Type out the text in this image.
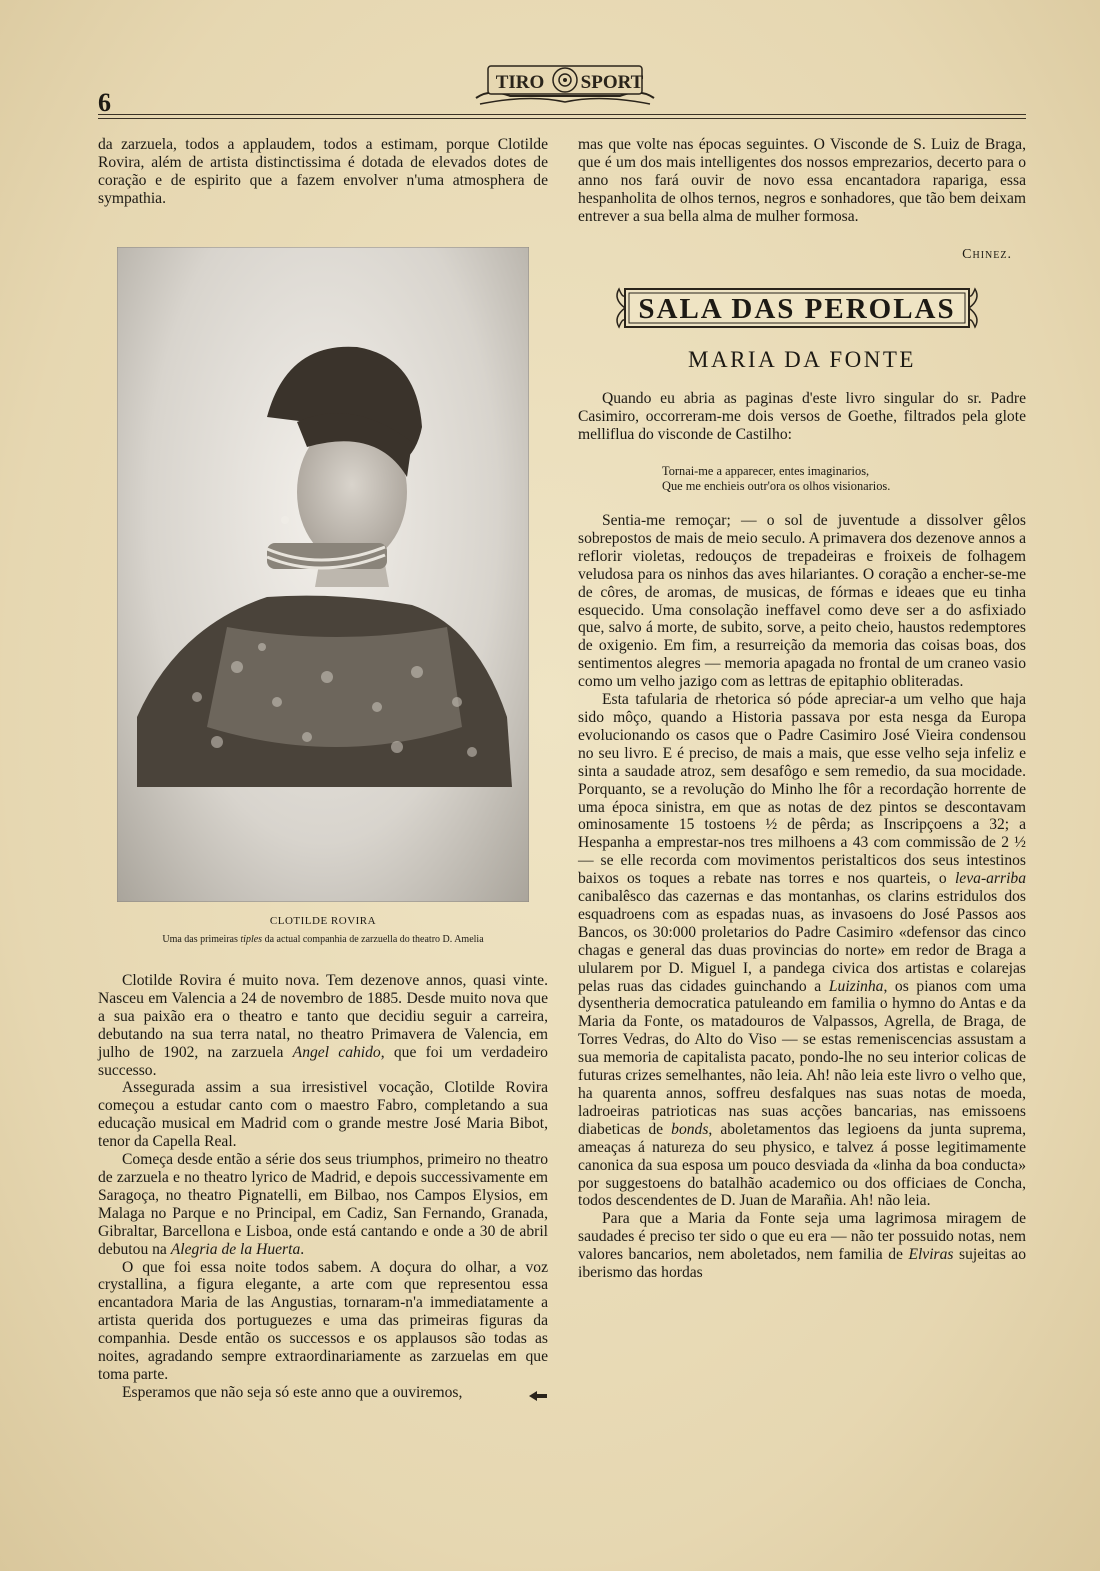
6
TIRO SPORT

da zarzuela, todos a applaudem, todos a estimam, porque Clotilde Rovira, além de artista distinctissima é dotada de elevados dotes de coração e de espirito que a fazem envolver n'uma atmosphera de sympathia.

CLOTILDE ROVIRA
Uma das primeiras tiples da actual companhia de zarzuella do theatro D. Amelia

Clotilde Rovira é muito nova. Tem dezenove annos, quasi vinte. Nasceu em Valencia a 24 de novembro de 1885. Desde muito nova que a sua paixão era o theatro e tanto que decidiu seguir a carreira, debutando na sua terra natal, no theatro Primavera de Valencia, em julho de 1902, na zarzuela Angel cahido, que foi um verdadeiro successo.

Assegurada assim a sua irresistivel vocação, Clotilde Rovira começou a estudar canto com o maestro Fabro, completando a sua educação musical em Madrid com o grande mestre José Maria Bibot, tenor da Capella Real.

Começa desde então a série dos seus triumphos, primeiro no theatro de zarzuela e no theatro lyrico de Madrid, e depois successivamente em Saragoça, no theatro Pignatelli, em Bilbao, nos Campos Elysios, em Malaga no Parque e no Principal, em Cadiz, San Fernando, Granada, Gibraltar, Barcellona e Lisboa, onde está cantando e onde a 30 de abril debutou na Alegria de la Huerta.

O que foi essa noite todos sabem. A doçura do olhar, a voz crystallina, a figura elegante, a arte com que representou essa encantadora Maria de las Angustias, tornaram-n'a immediatamente a artista querida dos portuguezes e uma das primeiras figuras da companhia. Desde então os successos e os applausos são todas as noites, agradando sempre extraordinariamente as zarzuelas em que toma parte.

Esperamos que não seja só este anno que a ouviremos,

mas que volte nas épocas seguintes. O Visconde de S. Luiz de Braga, que é um dos mais intelligentes dos nossos emprezarios, decerto para o anno nos fará ouvir de novo essa encantadora rapariga, essa hespanholita de olhos ternos, negros e sonhadores, que tão bem deixam entrever a sua bella alma de mulher formosa.

Chinez.
SALA DAS PEROLAS
MARIA DA FONTE

Quando eu abria as paginas d'este livro singular do sr. Padre Casimiro, occorreram-me dois versos de Goethe, filtrados pela glote melliflua do visconde de Castilho:

Tornai-me a apparecer, entes imaginarios,
Que me enchieis outr'ora os olhos visionarios.

Sentia-me remoçar; — o sol de juventude a dissolver gêlos sobrepostos de mais de meio seculo. A primavera dos dezenove annos a reflorir violetas, redouços de trepadeiras e froixeis de folhagem veludosa para os ninhos das aves hilariantes. O coração a encher-se-me de côres, de aromas, de musicas, de fórmas e ideaes que eu tinha esquecido. Uma consolação ineffavel como deve ser a do asfixiado que, salvo á morte, de subito, sorve, a peito cheio, haustos redemptores de oxigenio. Em fim, a resurreição da memoria das coisas boas, dos sentimentos alegres — memoria apagada no frontal de um craneo vasio como um velho jazigo com as lettras de epitaphio obliteradas.

Esta tafularia de rhetorica só póde apreciar-a um velho que haja sido môço, quando a Historia passava por esta nesga da Europa evolucionando os casos que o Padre Casimiro José Vieira condensou no seu livro. E é preciso, de mais a mais, que esse velho seja infeliz e sinta a saudade atroz, sem desafôgo e sem remedio, da sua mocidade. Porquanto, se a revolução do Minho lhe fôr a recordação horrente de uma época sinistra, em que as notas de dez pintos se descontavam ominosamente 15 tostoens ½ de pêrda; as Inscripçoens a 32; a Hespanha a emprestar-nos tres milhoens a 43 com commissão de 2 ½ — se elle recorda com movimentos peristalticos dos seus intestinos baixos os toques a rebate nas torres e nos quarteis, o leva-arriba canibalêsco das cazernas e das montanhas, os clarins estridulos dos esquadroens com as espadas nuas, as invasoens do José Passos aos Bancos, os 30:000 proletarios do Padre Casimiro «defensor das cinco chagas e general das duas provincias do norte» em redor de Braga a ulularem por D. Miguel I, a pandega civica dos artistas e colarejas pelas ruas das cidades guinchando a Luizinha, os pianos com uma dysentheria democratica patuleando em familia o hymno do Antas e da Maria da Fonte, os matadouros de Valpassos, Agrella, de Braga, de Torres Vedras, do Alto do Viso — se estas remeniscencias assustam a sua memoria de capitalista pacato, pondo-lhe no seu interior colicas de futuras crizes semelhantes, não leia. Ah! não leia este livro o velho que, ha quarenta annos, soffreu desfalques nas suas notas de moeda, ladroeiras patrioticas nas suas acções bancarias, nas emissoens diabeticas de bonds, aboletamentos das legioens da junta suprema, ameaças á natureza do seu physico, e talvez á posse legitimamente canonica da sua esposa um pouco desviada da «linha da boa conducta» por suggestoens do batalhão academico ou dos officiaes de Concha, todos descendentes de D. Juan de Marañia. Ah! não leia.

Para que a Maria da Fonte seja uma lagrimosa miragem de saudades é preciso ter sido o que eu era — não ter possuido notas, nem valores bancarios, nem aboletados, nem familia de Elviras sujeitas ao iberismo das hordas
